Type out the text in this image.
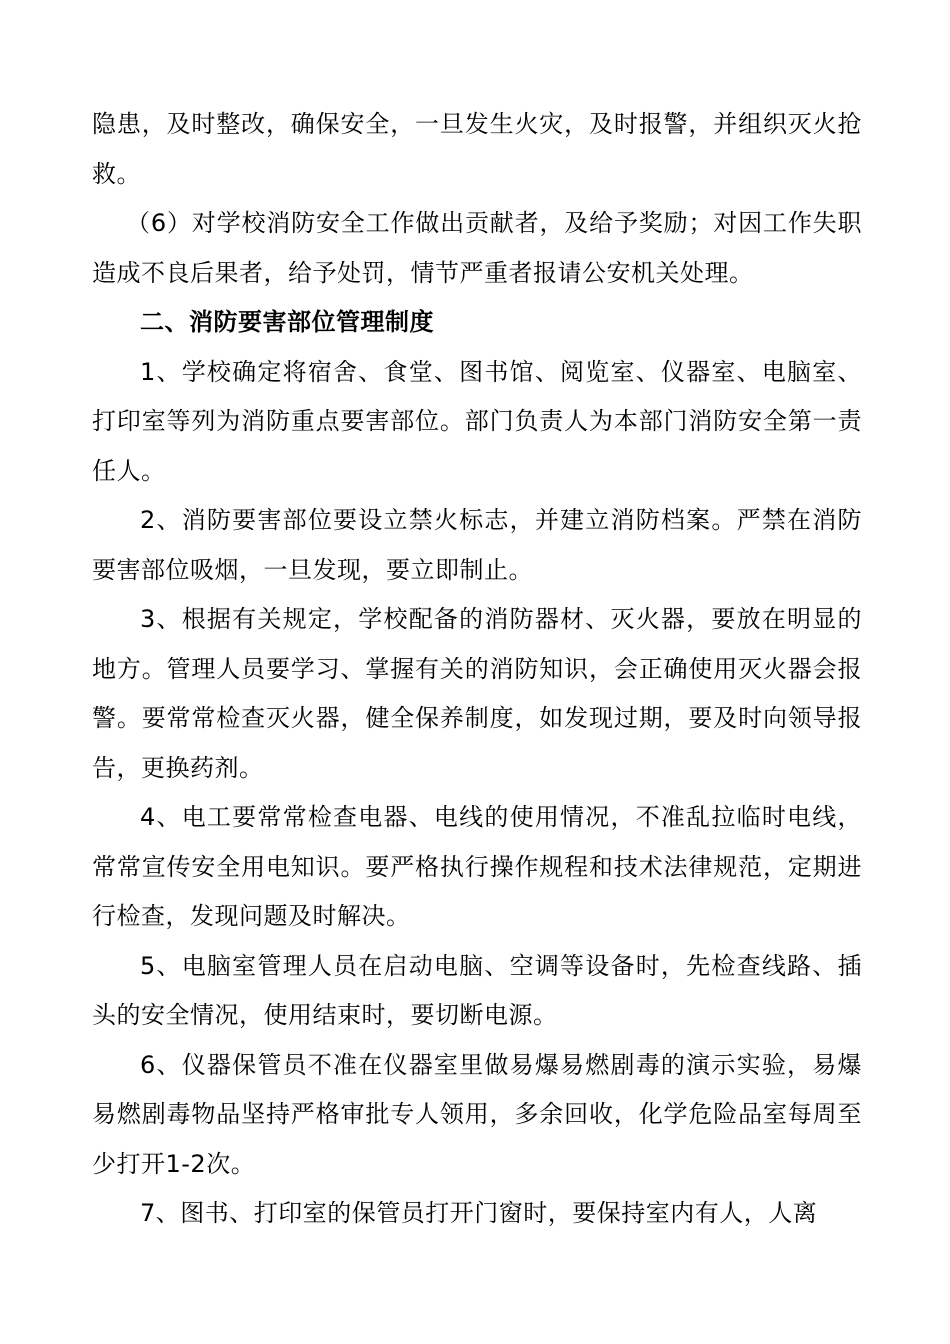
隐患，及时整改，确保安全，一旦发生火灾，及时报警，并组织灭火抢救。

（6）对学校消防安全工作做出贡献者，及给予奖励；对因工作失职造成不良后果者，给予处罚，情节严重者报请公安机关处理。

二、消防要害部位管理制度

1、学校确定将宿舍、食堂、图书馆、阅览室、仪器室、电脑室、打印室等列为消防重点要害部位。部门负责人为本部门消防安全第一责任人。

2、消防要害部位要设立禁火标志，并建立消防档案。严禁在消防要害部位吸烟，一旦发现，要立即制止。

3、根据有关规定，学校配备的消防器材、灭火器，要放在明显的地方。管理人员要学习、掌握有关的消防知识，会正确使用灭火器会报警。要常常检查灭火器，健全保养制度，如发现过期，要及时向领导报告，更换药剂。

4、电工要常常检查电器、电线的使用情况，不准乱拉临时电线，常常宣传安全用电知识。要严格执行操作规程和技术法律规范，定期进行检查，发现问题及时解决。

5、电脑室管理人员在启动电脑、空调等设备时，先检查线路、插头的安全情况，使用结束时，要切断电源。

6、仪器保管员不准在仪器室里做易爆易燃剧毒的演示实验，易爆易燃剧毒物品坚持严格审批专人领用，多余回收，化学危险品室每周至少打开1-2次。

7、图书、打印室的保管员打开门窗时，要保持室内有人，人离
